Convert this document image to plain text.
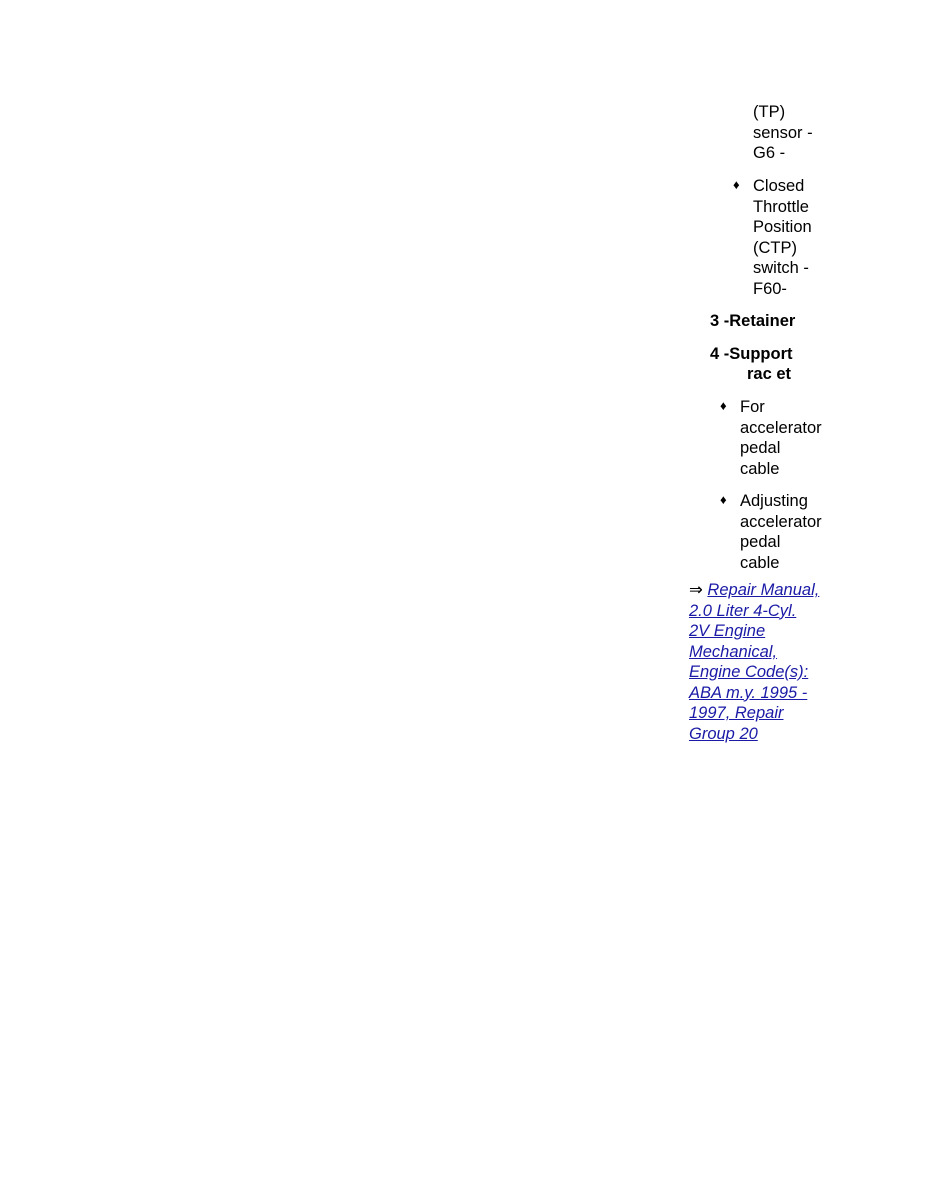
(TP)
sensor -
G6 -
♦ Closed
Throttle
Position
(CTP)
switch -
F60-
3 -Retainer
4 -Support
rac et
♦ For
accelerator
pedal
cable
♦ Adjusting
accelerator
pedal
cable
⇒ Repair Manual,
2.0 Liter 4-Cyl.
2V Engine
Mechanical,
Engine Code(s):
ABA m.y. 1995 -
1997, Repair
Group 20
